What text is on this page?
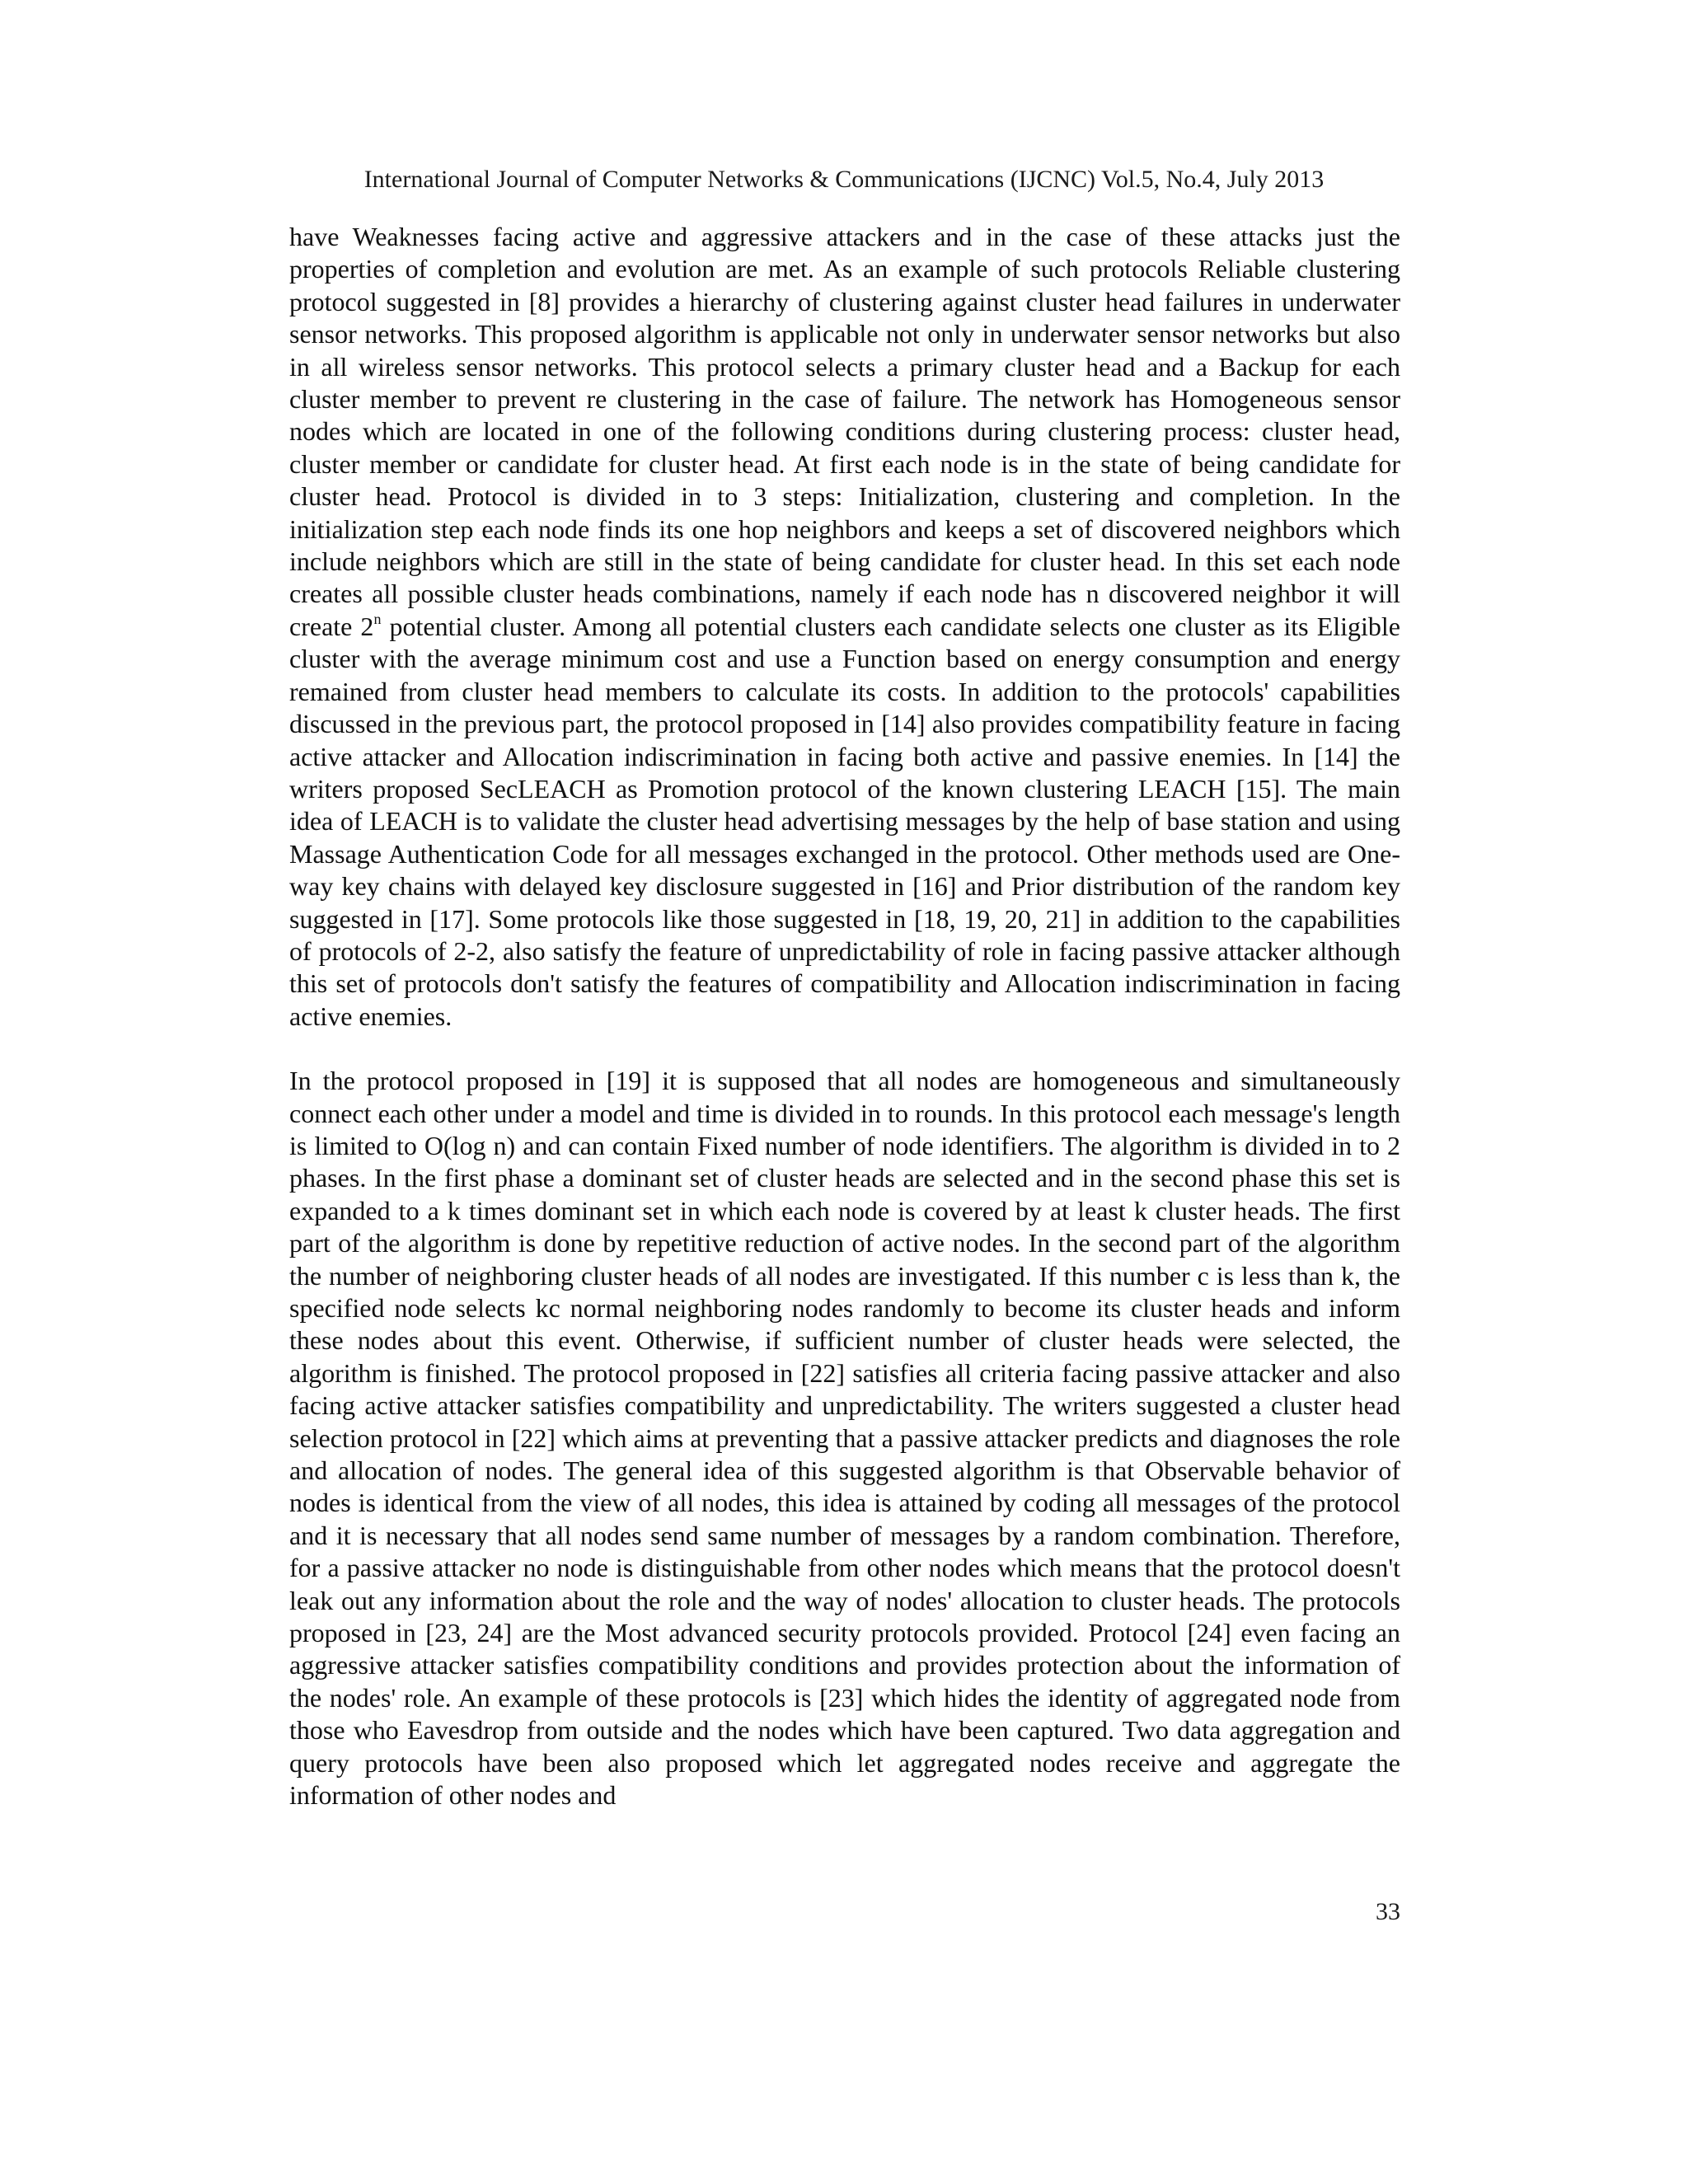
International Journal of Computer Networks & Communications (IJCNC) Vol.5, No.4, July 2013

have Weaknesses facing active and aggressive attackers and in the case of these attacks just the properties of completion and evolution are met. As an example of such protocols Reliable clustering protocol suggested in [8] provides a hierarchy of clustering against cluster head failures in underwater sensor networks. This proposed algorithm is applicable not only in underwater sensor networks but also in all wireless sensor networks. This protocol selects a primary cluster head and a Backup for each cluster member to prevent re clustering in the case of failure. The network has Homogeneous sensor nodes which are located in one of the following conditions during clustering process: cluster head, cluster member or candidate for cluster head. At first each node is in the state of being candidate for cluster head. Protocol is divided in to 3 steps: Initialization, clustering and completion. In the initialization step each node finds its one hop neighbors and keeps a set of discovered neighbors which include neighbors which are still in the state of being candidate for cluster head. In this set each node creates all possible cluster heads combinations, namely if each node has n discovered neighbor it will create 2$^n$ potential cluster. Among all potential clusters each candidate selects one cluster as its Eligible cluster with the average minimum cost and use a Function based on energy consumption and energy remained from cluster head members to calculate its costs. In addition to the protocols' capabilities discussed in the previous part, the protocol proposed in [14] also provides compatibility feature in facing active attacker and Allocation indiscrimination in facing both active and passive enemies. In [14] the writers proposed SecLEACH as Promotion protocol of the known clustering LEACH [15]. The main idea of LEACH is to validate the cluster head advertising messages by the help of base station and using Massage Authentication Code for all messages exchanged in the protocol. Other methods used are One-way key chains with delayed key disclosure suggested in [16] and Prior distribution of the random key suggested in [17]. Some protocols like those suggested in [18, 19, 20, 21] in addition to the capabilities of protocols of 2-2, also satisfy the feature of unpredictability of role in facing passive attacker although this set of protocols don't satisfy the features of compatibility and Allocation indiscrimination in facing active enemies.

In the protocol proposed in [19] it is supposed that all nodes are homogeneous and simultaneously connect each other under a model and time is divided in to rounds. In this protocol each message's length is limited to O(log n) and can contain Fixed number of node identifiers. The algorithm is divided in to 2 phases. In the first phase a dominant set of cluster heads are selected and in the second phase this set is expanded to a k times dominant set in which each node is covered by at least k cluster heads. The first part of the algorithm is done by repetitive reduction of active nodes. In the second part of the algorithm the number of neighboring cluster heads of all nodes are investigated. If this number c is less than k, the specified node selects kc normal neighboring nodes randomly to become its cluster heads and inform these nodes about this event. Otherwise, if sufficient number of cluster heads were selected, the algorithm is finished. The protocol proposed in [22] satisfies all criteria facing passive attacker and also facing active attacker satisfies compatibility and unpredictability. The writers suggested a cluster head selection protocol in [22] which aims at preventing that a passive attacker predicts and diagnoses the role and allocation of nodes. The general idea of this suggested algorithm is that Observable behavior of nodes is identical from the view of all nodes, this idea is attained by coding all messages of the protocol and it is necessary that all nodes send same number of messages by a random combination. Therefore, for a passive attacker no node is distinguishable from other nodes which means that the protocol doesn't leak out any information about the role and the way of nodes' allocation to cluster heads. The protocols proposed in [23, 24] are the Most advanced security protocols provided. Protocol [24] even facing an aggressive attacker satisfies compatibility conditions and provides protection about the information of the nodes' role. An example of these protocols is [23] which hides the identity of aggregated node from those who Eavesdrop from outside and the nodes which have been captured. Two data aggregation and query protocols have been also proposed which let aggregated nodes receive and aggregate the information of other nodes and

33
